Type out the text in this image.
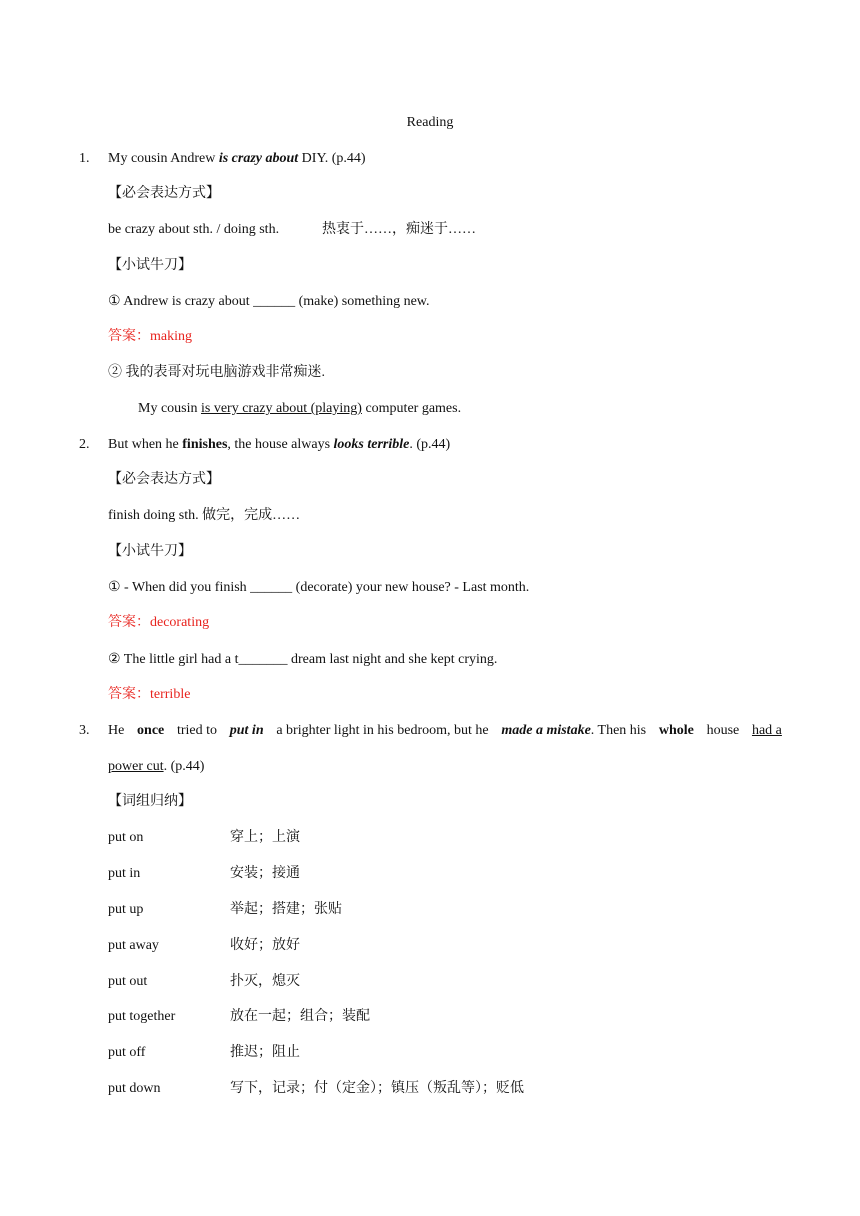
Reading
1. My cousin Andrew is crazy about DIY. (p.44)
【必会表达方式】
be crazy about sth. / doing sth.	热衷于……，痴迷于……
【小试牛刀】
① Andrew is crazy about ______ (make) something new.
答案：making
② 我的表哥对玩电脑游戏非常痴迷.
My cousin is very crazy about (playing) computer games.
2. But when he finishes, the house always looks terrible. (p.44)
【必会表达方式】
finish doing sth. 做完，完成……
【小试牛刀】
① - When did you finish ______ (decorate) your new house? - Last month.
答案：decorating
② The little girl had a t_______ dream last night and she kept crying.
答案：terrible
3. He once tried to put in a brighter light in his bedroom, but he made a mistake. Then his whole house had a
power cut. (p.44)
【词组归纳】
put on	穿上；上演
put in	安装；接通
put up	举起；搭建；张贴
put away	收好；放好
put out	扑灭，熄灭
put together	放在一起；组合；装配
put off	推迟；阻止
put down	写下，记录；付（定金）；镇压（叛乱等）；贬低
